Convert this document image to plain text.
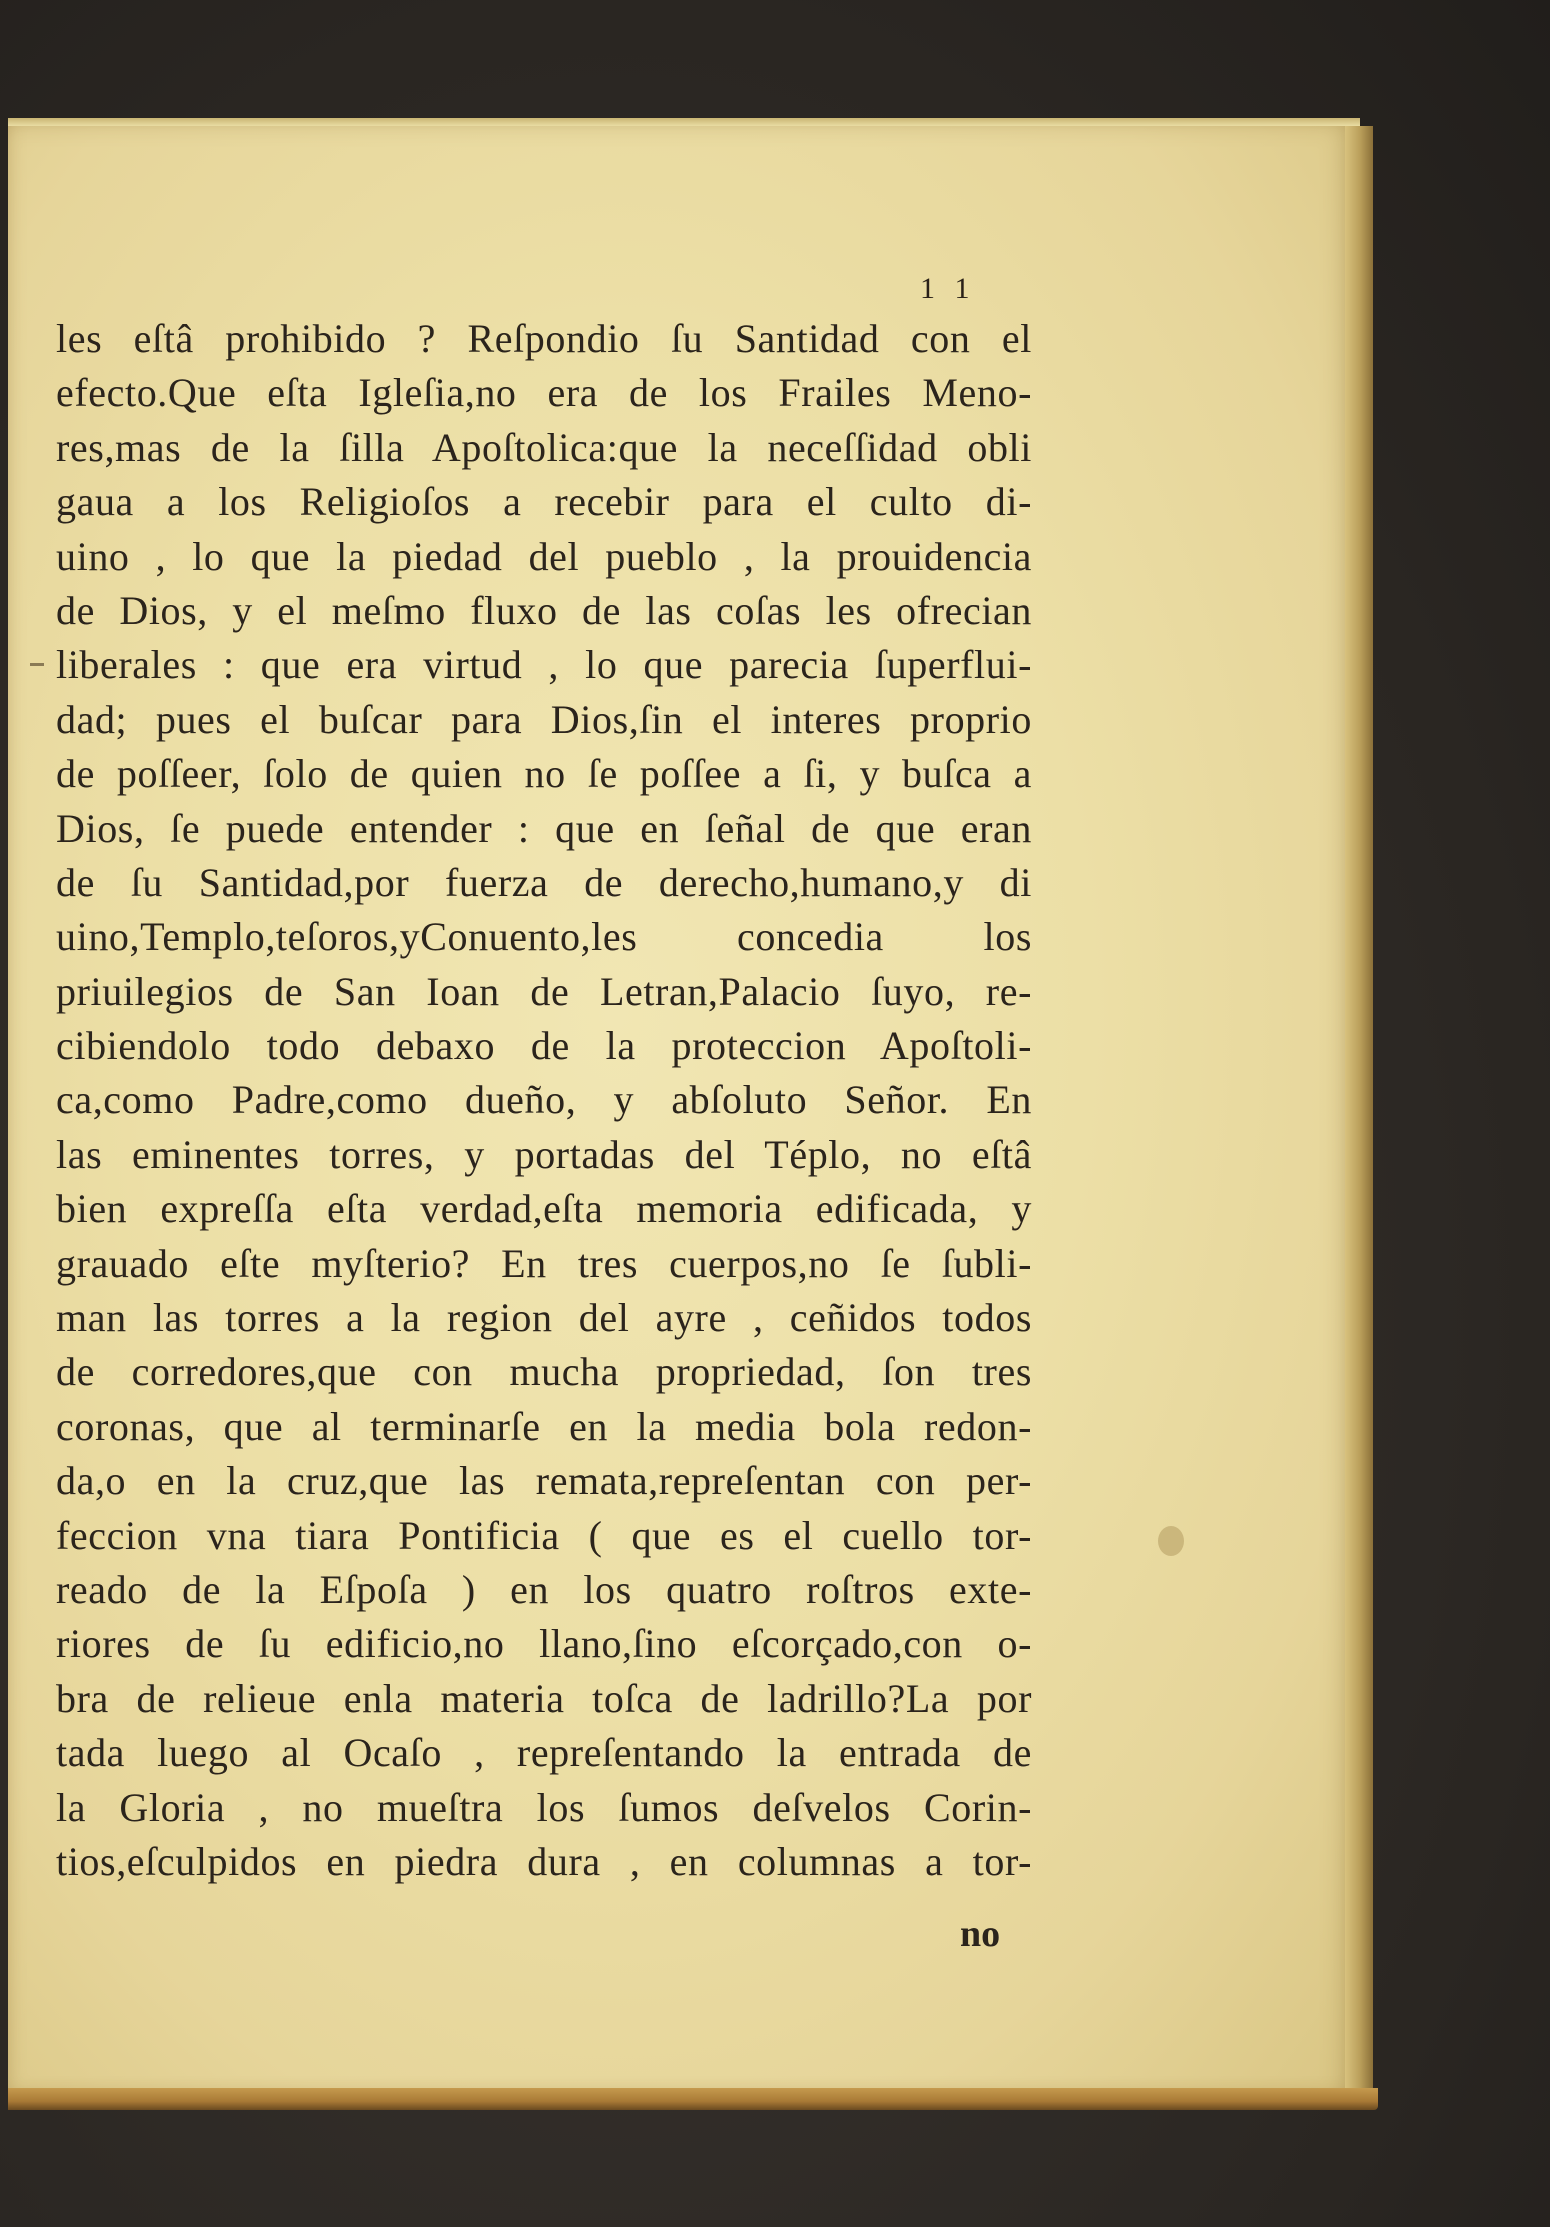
1 1
les eſtâ prohibido ? Reſpondio ſu Santidad con el
efecto.Que eſta Igleſia,no era de los Frailes Meno-
res,mas de la ſilla Apoſtolica:que la neceſſidad obli
gaua a los Religioſos a recebir para el culto di-
uino , lo que la piedad del pueblo , la prouidencia
de Dios, y el meſmo fluxo de las coſas les ofrecian
liberales : que era virtud , lo que parecia ſuperflui-
dad; pues el buſcar para Dios,ſin el interes proprio
de poſſeer, ſolo de quien no ſe poſſee a ſi, y buſca a
Dios, ſe puede entender : que en ſeñal de que eran
de ſu Santidad,por fuerza de derecho,humano,y di
uino,Templo,teſoros,yConuento,les concedia los
priuilegios de San Ioan de Letran,Palacio ſuyo, re-
cibiendolo todo debaxo de la proteccion Apoſtoli-
ca,como Padre,como dueño, y abſoluto Señor. En
las eminentes torres, y portadas del Téplo, no eſtâ
bien expreſſa eſta verdad,eſta memoria edificada, y
grauado eſte myſterio? En tres cuerpos,no ſe ſubli-
man las torres a la region del ayre , ceñidos todos
de corredores,que con mucha propriedad, ſon tres
coronas, que al terminarſe en la media bola redon-
da,o en la cruz,que las remata,repreſentan con per-
feccion vna tiara Pontificia ( que es el cuello tor-
reado de la Eſpoſa ) en los quatro roſtros exte-
riores de ſu edificio,no llano,ſino eſcorçado,con o-
bra de relieue enla materia toſca de ladrillo?La por
tada luego al Ocaſo , repreſentando la entrada de
la Gloria , no mueſtra los ſumos deſvelos Corin-
tios,eſculpidos en piedra dura , en columnas a tor-
no
